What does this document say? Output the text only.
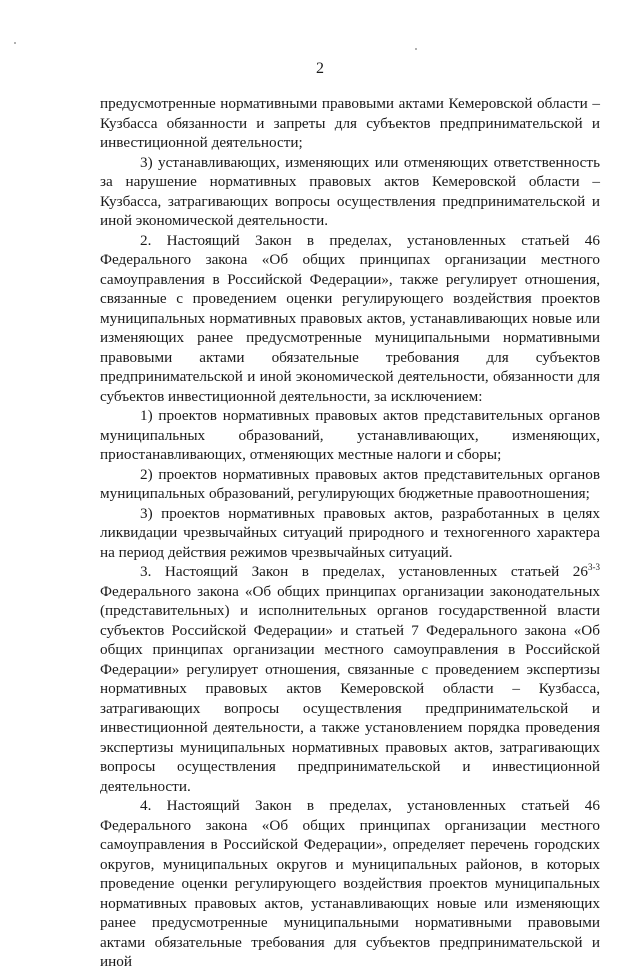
2

предусмотренные нормативными правовыми актами Кемеровской области – Кузбасса обязанности и запреты для субъектов предпринимательской и инвестиционной деятельности;

3) устанавливающих, изменяющих или отменяющих ответственность за нарушение нормативных правовых актов Кемеровской области – Кузбасса, затрагивающих вопросы осуществления предпринимательской и иной экономической деятельности.

2. Настоящий Закон в пределах, установленных статьей 46 Федерального закона «Об общих принципах организации местного самоуправления в Российской Федерации», также регулирует отношения, связанные с проведением оценки регулирующего воздействия проектов муниципальных нормативных правовых актов, устанавливающих новые или изменяющих ранее предусмотренные муниципальными нормативными правовыми актами обязательные требования для субъектов предпринимательской и иной экономической деятельности, обязанности для субъектов инвестиционной деятельности, за исключением:

1) проектов нормативных правовых актов представительных органов муниципальных образований, устанавливающих, изменяющих, приостанавливающих, отменяющих местные налоги и сборы;

2) проектов нормативных правовых актов представительных органов муниципальных образований, регулирующих бюджетные правоотношения;

3) проектов нормативных правовых актов, разработанных в целях ликвидации чрезвычайных ситуаций природного и техногенного характера на период действия режимов чрезвычайных ситуаций.

3. Настоящий Закон в пределах, установленных статьей 26$^{3-3}$ Федерального закона «Об общих принципах организации законодательных (представительных) и исполнительных органов государственной власти субъектов Российской Федерации» и статьей 7 Федерального закона «Об общих принципах организации местного самоуправления в Российской Федерации» регулирует отношения, связанные с проведением экспертизы нормативных правовых актов Кемеровской области – Кузбасса, затрагивающих вопросы осуществления предпринимательской и инвестиционной деятельности, а также установлением порядка проведения экспертизы муниципальных нормативных правовых актов, затрагивающих вопросы осуществления предпринимательской и инвестиционной деятельности.

4. Настоящий Закон в пределах, установленных статьей 46 Федерального закона «Об общих принципах организации местного самоуправления в Российской Федерации», определяет перечень городских округов, муниципальных округов и муниципальных районов, в которых проведение оценки регулирующего воздействия проектов муниципальных нормативных правовых актов, устанавливающих новые или изменяющих ранее предусмотренные муниципальными нормативными правовыми актами обязательные требования для субъектов предпринимательской и иной
